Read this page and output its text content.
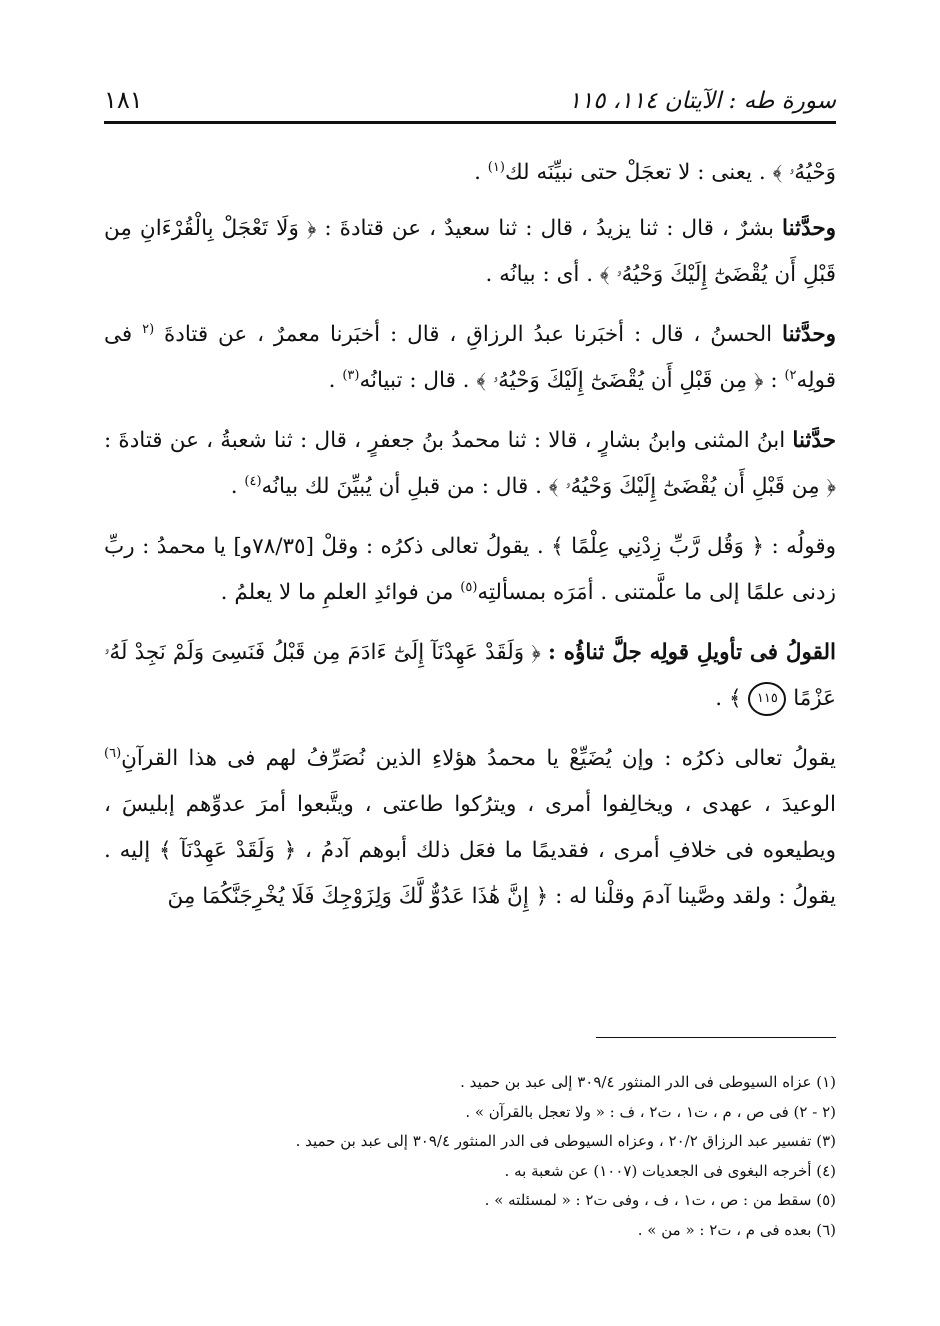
سورة طه : الآيتان ١١٤، ١١٥
١٨١

وَحْيُهُۥ ﴾ . يعنى : لا تعجَلْ حتى نبيِّنَه لك$^{(١)}$ .

وحدَّثنا بشرٌ ، قال : ثنا يزيدُ ، قال : ثنا سعيدٌ ، عن قتادةَ : ﴿ وَلَا تَعْجَلْ بِالْقُرْءَانِ مِن قَبْلِ أَن يُقْضَىٰٓ إِلَيْكَ وَحْيُهُۥ ﴾ . أى : بيانُه .

وحدَّثنا الحسنُ ، قال : أخبَرنا عبدُ الرزاقِ ، قال : أخبَرنا معمرٌ ، عن قتادةَ $^{(٢}$ فى قولِه$^{٢)}$ : ﴿ مِن قَبْلِ أَن يُقْضَىٰٓ إِلَيْكَ وَحْيُهُۥ ﴾ . قال : تبيانُه$^{(٣)}$ .

حدَّثنا ابنُ المثنى وابنُ بشارٍ ، قالا : ثنا محمدُ بنُ جعفرٍ ، قال : ثنا شعبةُ ، عن قتادةَ : ﴿ مِن قَبْلِ أَن يُقْضَىٰٓ إِلَيْكَ وَحْيُهُۥ ﴾ . قال : من قبلِ أن يُبيِّنَ لك بيانُه$^{(٤)}$ .

وقولُه : ﴿ وَقُل رَّبِّ زِدْنِي عِلْمًا ﴾ . يقولُ تعالى ذكرُه : وقلْ [٧٨/٣٥و] يا محمدُ : ربِّ زدنى علمًا إلى ما علَّمتنى . أمَرَه بمسألتِه$^{(٥)}$ من فوائدِ العلمِ ما لا يعلمُ .

القولُ فى تأويلِ قولِه جلَّ ثناؤُه : ﴿ وَلَقَدْ عَهِدْنَآ إِلَىٰٓ ءَادَمَ مِن قَبْلُ فَنَسِىَ وَلَمْ نَجِدْ لَهُۥ عَزْمًا ١١٥ ﴾ .

يقولُ تعالى ذكرُه : وإن يُضَيِّعْ يا محمدُ هؤلاءِ الذين نُصَرِّفُ لهم فى هذا القرآنِ$^{(٦)}$ الوعيدَ ، عهدى ، ويخالِفوا أمرى ، ويترُكوا طاعتى ، ويتَّبعوا أمرَ عدوِّهم إبليسَ ، ويطيعوه فى خلافِ أمرى ، فقديمًا ما فعَل ذلك أبوهم آدمُ ، ﴿ وَلَقَدْ عَهِدْنَآ ﴾ إليه . يقولُ : ولقد وصَّينا آدمَ وقلْنا له : ﴿ إِنَّ هَٰذَا عَدُوٌّ لَّكَ وَلِزَوْجِكَ فَلَا يُخْرِجَنَّكُمَا مِنَ

(١) عزاه السيوطى فى الدر المنثور ٣٠٩/٤ إلى عبد بن حميد .
(٢ - ٢) فى ص ، م ، ت١ ، ت٢ ، ف : « ولا تعجل بالقرآن » .
(٣) تفسير عبد الرزاق ٢٠/٢ ، وعزاه السيوطى فى الدر المنثور ٣٠٩/٤ إلى عبد بن حميد .
(٤) أخرجه البغوى فى الجعديات (١٠٠٧) عن شعبة به .
(٥) سقط من : ص ، ت١ ، ف ، وفى ت٢ : « لمسئلته » .
(٦) بعده فى م ، ت٢ : « من » .
